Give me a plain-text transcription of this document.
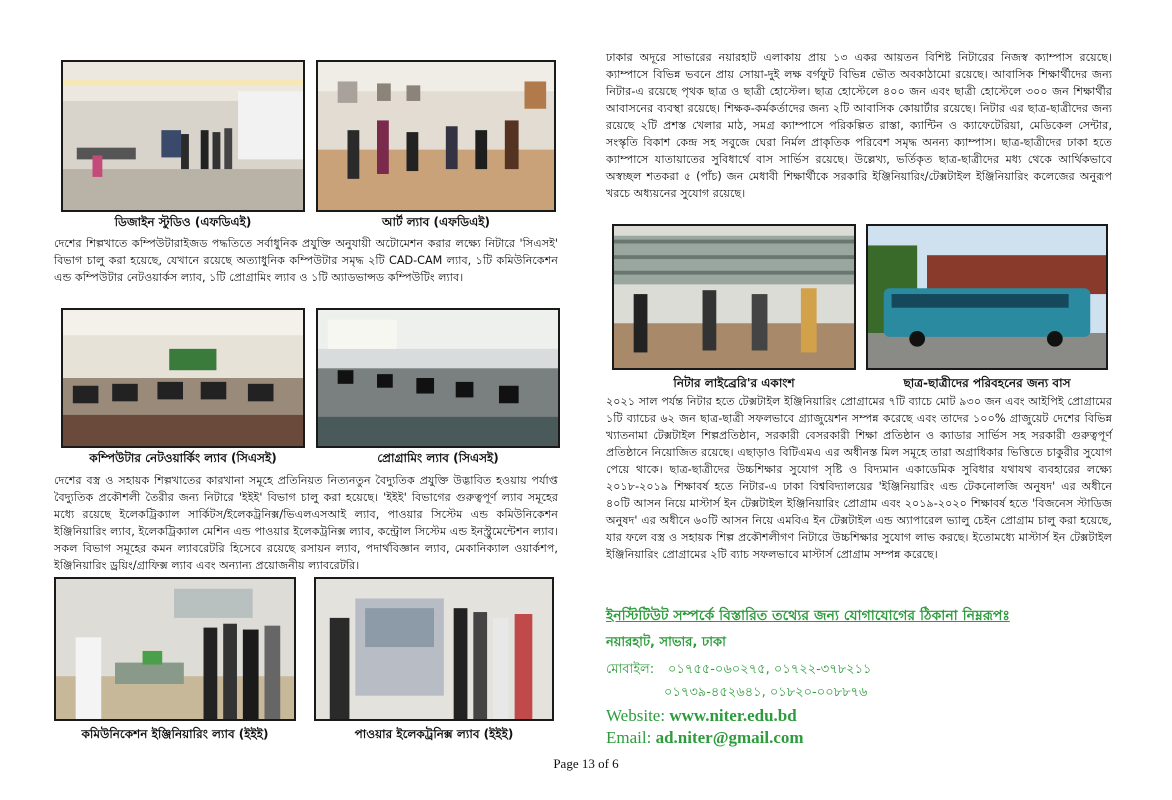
ডিজাইন স্টুডিও (এফডিএই)	আর্ট ল্যাব (এফডিএই)

দেশের শিল্পখাতে কম্পিউটারাইজড পদ্ধতিতে সর্বাধুনিক প্রযুক্তি অনুযায়ী অটোমেশন করার লক্ষ্যে নিটারে 'সিএসই' বিভাগ চালু করা হয়েছে, যেখানে রয়েছে অত্যাধুনিক কম্পিউটার সমৃদ্ধ ২টি CAD-CAM ল্যাব, ১টি কমিউনিকেশন এন্ড কম্পিউটার নেটওয়ার্কস ল্যাব, ১টি প্রোগ্রামিং ল্যাব ও ১টি অ্যাডভান্সড কম্পিউটিং ল্যাব।

কম্পিউটার নেটওয়ার্কিং ল্যাব (সিএসই)	প্রোগ্রামিং ল্যাব (সিএসই)

দেশের বস্ত্র ও সহায়ক শিল্পখাতের কারখানা সমূহে প্রতিনিয়ত নিত্যনতুন বৈদ্যুতিক প্রযুক্তি উদ্ভাবিত হওয়ায় পর্যাপ্ত বৈদ্যুতিক প্রকৌশলী তৈরীর জন্য নিটারে 'ইইই' বিভাগ চালু করা হয়েছে। 'ইইই' বিভাগের গুরুত্বপূর্ণ ল্যাব সমূহের মধ্যে রয়েছে ইলেকট্রিক্যাল সার্কিটস/ইলেকট্রনিক্স/ভিএলএসআই ল্যাব, পাওয়ার সিস্টেম এন্ড কমিউনিকেশন ইঞ্জিনিয়ারিং ল্যাব, ইলেকট্রিক্যাল মেশিন এন্ড পাওয়ার ইলেকট্রনিক্স ল্যাব, কন্ট্রোল সিস্টেম এন্ড ইনস্ট্রুমেন্টেশন ল্যাব। সকল বিভাগ সমূহের কমন ল্যাবরেটরি হিসেবে রয়েছে রসায়ন ল্যাব, পদার্থবিজ্ঞান ল্যাব, মেকানিক্যাল ওয়ার্কশপ, ইঞ্জিনিয়ারিং ড্রয়িং/গ্রাফিক্স ল্যাব এবং অন্যান্য প্রয়োজনীয় ল্যাবরেটরি।

কমিউনিকেশন ইঞ্জিনিয়ারিং ল্যাব (ইইই)	পাওয়ার ইলেকট্রনিক্স ল্যাব (ইইই)

ঢাকার অদূরে সাভারের নয়ারহাট এলাকায় প্রায় ১৩ একর আয়তন বিশিষ্ট নিটারের নিজস্ব ক্যাম্পাস রয়েছে। ক্যাম্পাসে বিভিন্ন ভবনে প্রায় সোয়া-দুই লক্ষ বর্গফুট বিভিন্ন ভৌত অবকাঠামো রয়েছে। আবাসিক শিক্ষার্থীদের জন্য নিটার-এ রয়েছে পৃথক ছাত্র ও ছাত্রী হোস্টেল। ছাত্র হোস্টেলে ৪০০ জন এবং ছাত্রী হোস্টেলে ৩০০ জন শিক্ষার্থীর আবাসনের ব্যবস্থা রয়েছে। শিক্ষক-কর্মকর্তাদের জন্য ২টি আবাসিক কোয়ার্টার রয়েছে। নিটার এর ছাত্র-ছাত্রীদের জন্য রয়েছে ২টি প্রশস্ত খেলার মাঠ, সমগ্র ক্যাম্পাসে পরিকল্পিত রাস্তা, ক্যান্টিন ও ক্যাফেটেরিয়া, মেডিকেল সেন্টার, সংস্কৃতি বিকাশ কেন্দ্র সহ সবুজে ঘেরা নির্মল প্রাকৃতিক পরিবেশ সমৃদ্ধ অনন্য ক্যাম্পাস। ছাত্র-ছাত্রীদের ঢাকা হতে ক্যাম্পাসে যাতায়াতের সুবিধার্থে বাস সার্ভিস রয়েছে। উল্লেখ্য, ভর্তিকৃত ছাত্র-ছাত্রীদের মধ্য থেকে আর্থিকভাবে অস্বচ্ছল শতকরা ৫ (পাঁচ) জন মেধাবী শিক্ষার্থীকে সরকারি ইঞ্জিনিয়ারিং/টেক্সটাইল ইঞ্জিনিয়ারিং কলেজের অনুরূপ খরচে অধ্যয়নের সুযোগ রয়েছে।

নিটার লাইব্রেরি'র একাংশ	ছাত্র-ছাত্রীদের পরিবহনের জন্য বাস

২০২১ সাল পর্যন্ত নিটার হতে টেক্সটাইল ইঞ্জিনিয়ারিং প্রোগ্রামের ৭টি ব্যাচে মোট ৯৩০ জন এবং আইপিই প্রোগ্রামের ১টি ব্যাচের ৬২ জন ছাত্র-ছাত্রী সফলভাবে গ্র্যাজুয়েশন সম্পন্ন করেছে এবং তাদের ১০০% গ্রাজুয়েট দেশের বিভিন্ন খ্যাতনামা টেক্সটাইল শিল্পপ্রতিষ্ঠান, সরকারী বেসরকারী শিক্ষা প্রতিষ্ঠান ও ক্যাডার সার্ভিস সহ সরকারী গুরুত্বপূর্ণ প্রতিষ্ঠানে নিয়োজিত রয়েছে। এছাড়াও বিটিএমএ এর অধীনস্ত মিল সমূহে তারা অগ্রাধিকার ভিত্তিতে চাকুরীর সুযোগ পেয়ে থাকে। ছাত্র-ছাত্রীদের উচ্চশিক্ষার সুযোগ সৃষ্টি ও বিদ্যমান একাডেমিক সুবিধার যথাযথ ব্যবহারের লক্ষ্যে ২০১৮-২০১৯ শিক্ষাবর্ষ হতে নিটার-এ ঢাকা বিশ্ববিদ্যালয়ের 'ইঞ্জিনিয়ারিং এন্ড টেকনোলজি অনুষদ' এর অধীনে ৪০টি আসন নিয়ে মাস্টার্স ইন টেক্সটাইল ইঞ্জিনিয়ারিং প্রোগ্রাম এবং ২০১৯-২০২০ শিক্ষাবর্ষ হতে 'বিজনেস স্টাডিজ অনুষদ' এর অধীনে ৬০টি আসন নিয়ে এমবিএ ইন টেক্সটাইল এন্ড অ্যাপারেল ভ্যালু চেইন প্রোগ্রাম চালু করা হয়েছে, যার ফলে বস্ত্র ও সহায়ক শিল্প প্রকৌশলীগণ নিটারে উচ্চশিক্ষার সুযোগ লাভ করছে। ইতোমধ্যে মাস্টার্স ইন টেক্সটাইল ইঞ্জিনিয়ারিং প্রোগ্রামের ২টি ব্যাচ সফলভাবে মাস্টার্স প্রোগ্রাম সম্পন্ন করেছে।

ইনস্টিটিউট সম্পর্কে বিস্তারিত তথ্যের জন্য যোগাযোগের ঠিকানা নিম্নরূপঃ
নয়ারহাট, সাভার, ঢাকা
মোবাইল: ০১৭৫৫-০৬০২৭৫, ০১৭২২-৩৭৮২১১
০১৭৩৯-৪৫২৬৪১, ০১৮২০-০০৮৮৭৬
Website: www.niter.edu.bd
Email: ad.niter@gmail.com
Page 13 of 6
